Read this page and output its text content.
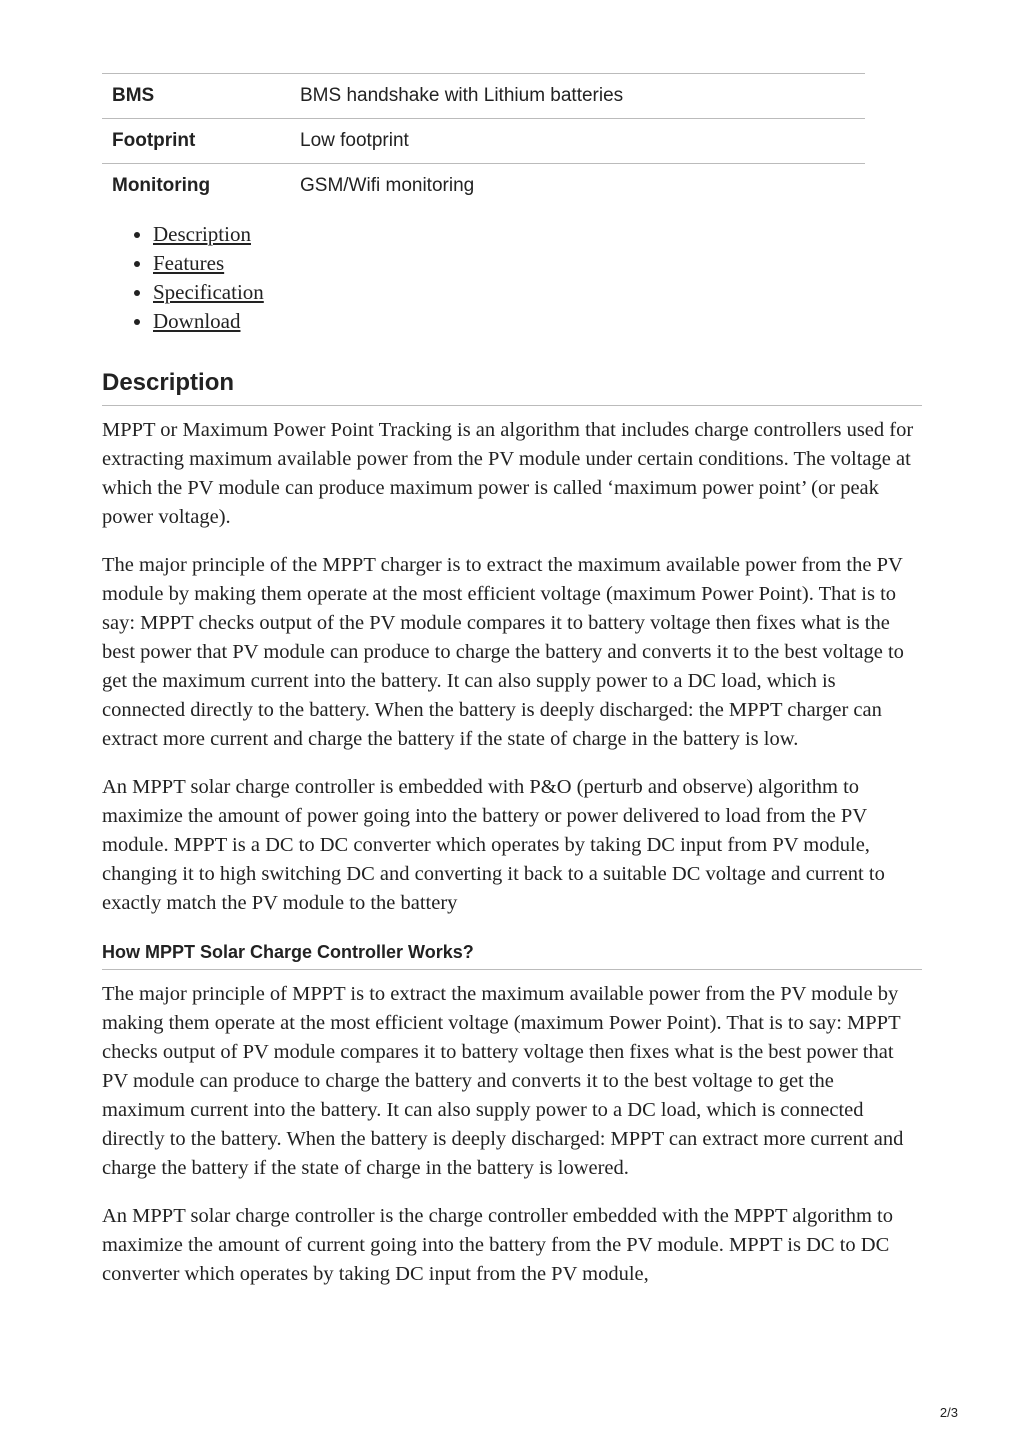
BMS	BMS handshake with Lithium batteries
Footprint	Low footprint
Monitoring	GSM/Wifi monitoring
• Description
• Features
• Specification
• Download
Description

MPPT or Maximum Power Point Tracking is an algorithm that includes charge controllers used for extracting maximum available power from the PV module under certain conditions. The voltage at which the PV module can produce maximum power is called ‘maximum power point’ (or peak power voltage).

The major principle of the MPPT charger is to extract the maximum available power from the PV module by making them operate at the most efficient voltage (maximum Power Point). That is to say: MPPT checks output of the PV module compares it to battery voltage then fixes what is the best power that PV module can produce to charge the battery and converts it to the best voltage to get the maximum current into the battery. It can also supply power to a DC load, which is connected directly to the battery. When the battery is deeply discharged: the MPPT charger can extract more current and charge the battery if the state of charge in the battery is low.

An MPPT solar charge controller is embedded with P&O (perturb and observe) algorithm to maximize the amount of power going into the battery or power delivered to load from the PV module. MPPT is a DC to DC converter which operates by taking DC input from PV module, changing it to high switching DC and converting it back to a suitable DC voltage and current to exactly match the PV module to the battery

How MPPT Solar Charge Controller Works?

The major principle of MPPT is to extract the maximum available power from the PV module by making them operate at the most efficient voltage (maximum Power Point). That is to say: MPPT checks output of PV module compares it to battery voltage then fixes what is the best power that PV module can produce to charge the battery and converts it to the best voltage to get the maximum current into the battery. It can also supply power to a DC load, which is connected directly to the battery. When the battery is deeply discharged: MPPT can extract more current and charge the battery if the state of charge in the battery is lowered.

An MPPT solar charge controller is the charge controller embedded with the MPPT algorithm to maximize the amount of current going into the battery from the PV module. MPPT is DC to DC converter which operates by taking DC input from the PV module,

2/3
